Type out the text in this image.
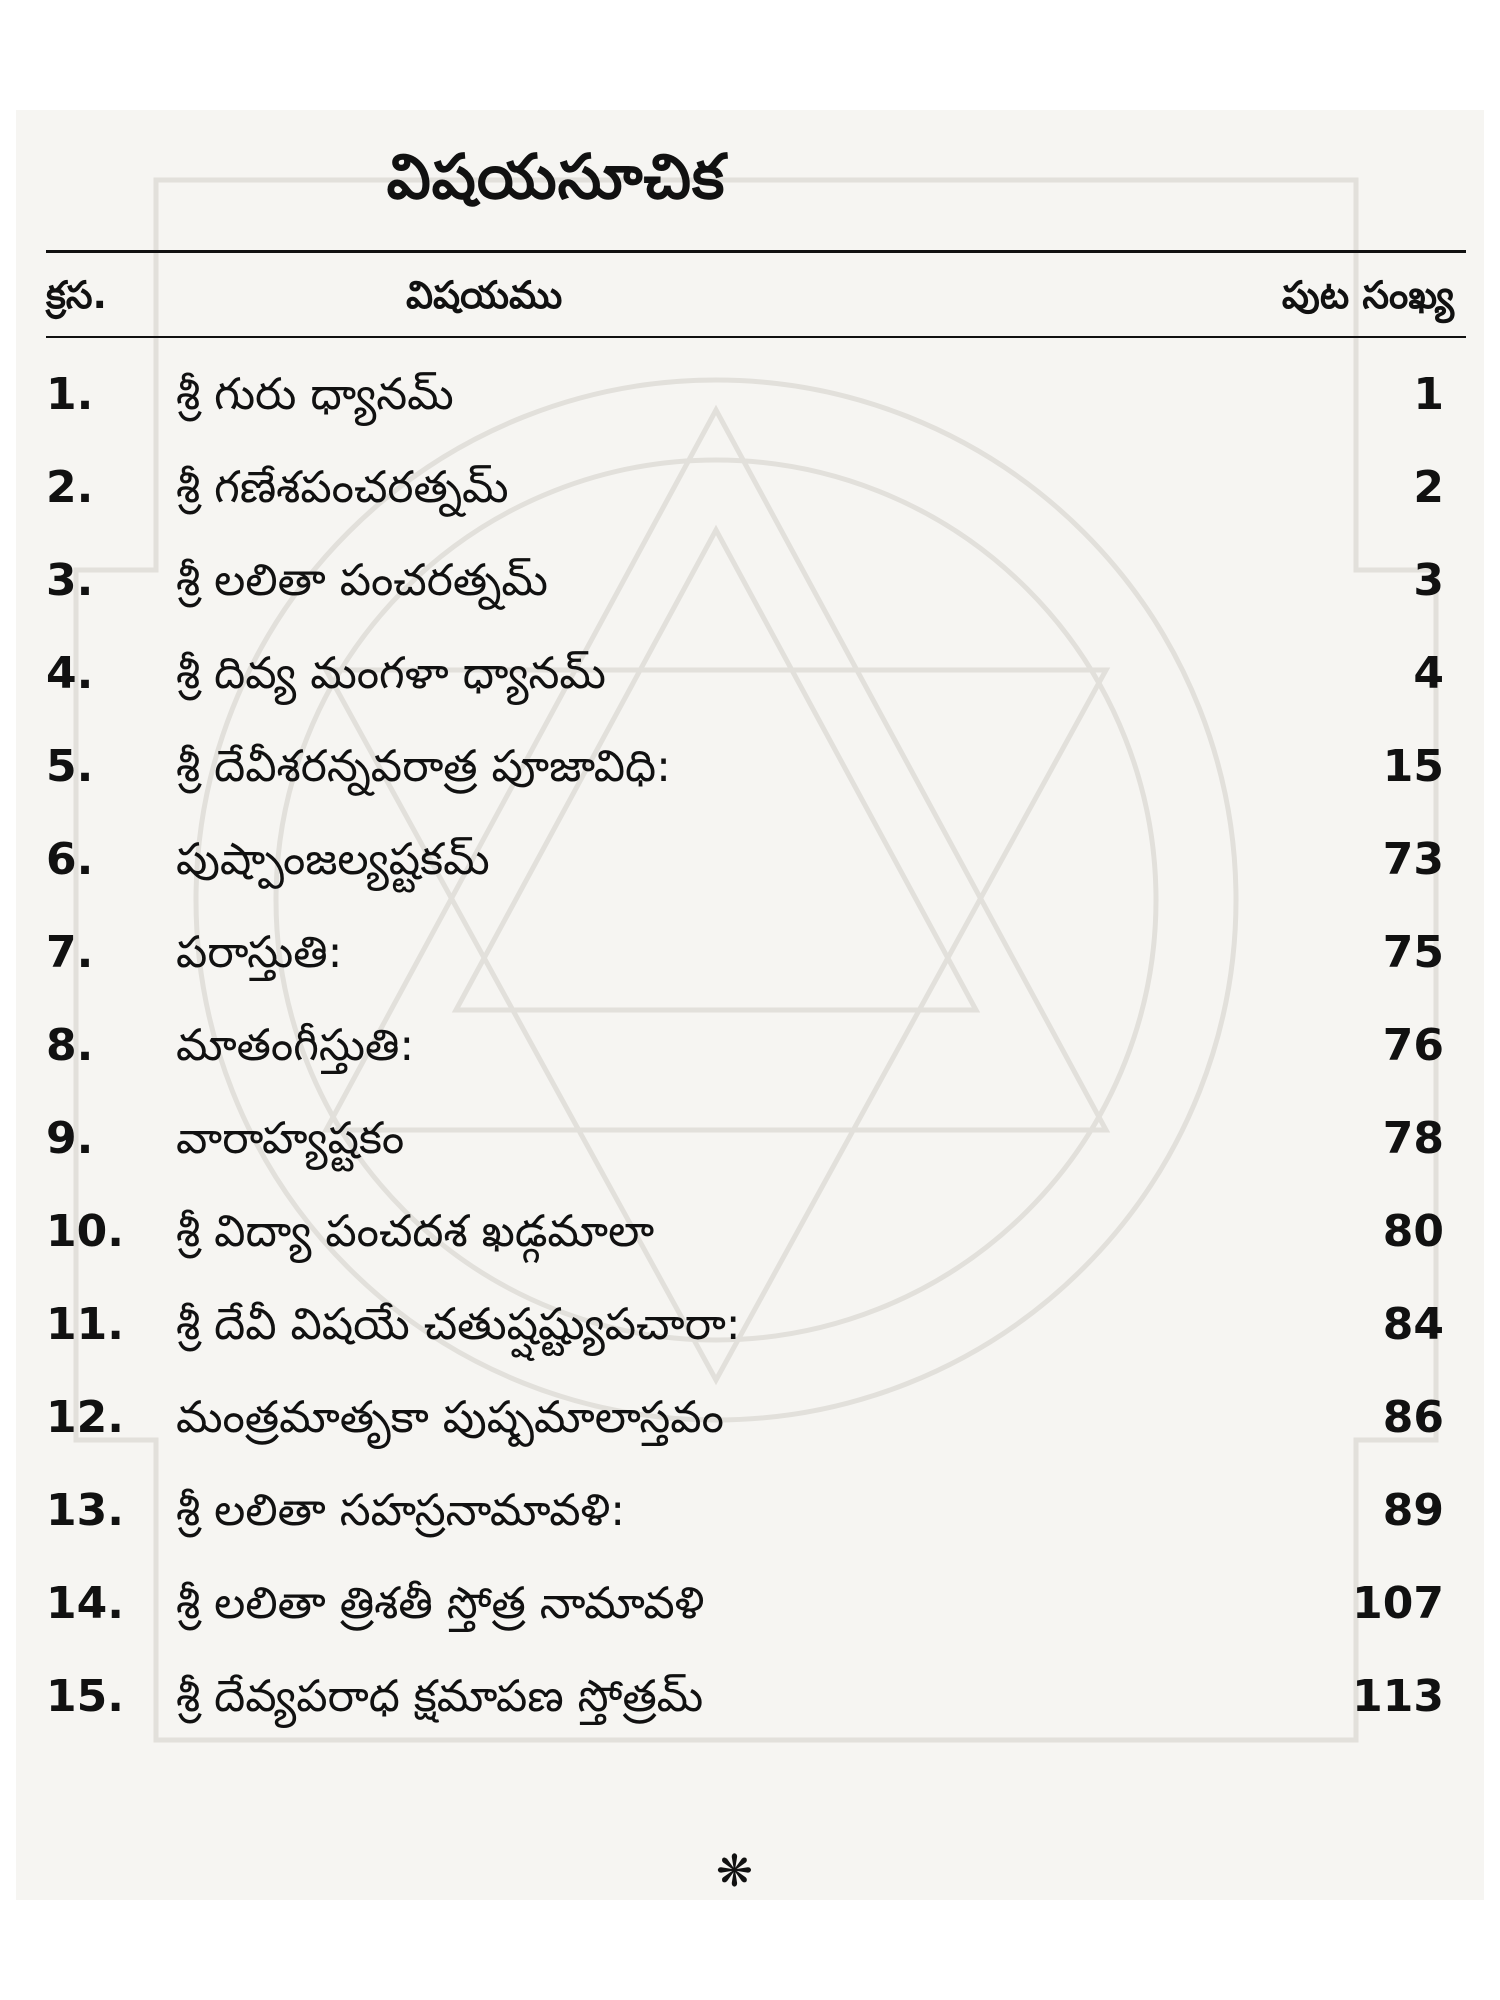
విషయసూచిక
క్రస.	విషయము	పుట సంఖ్య
1. శ్రీ గురు ధ్యానమ్	1
2. శ్రీ గణేశపంచరత్నమ్	2
3. శ్రీ లలితా పంచరత్నమ్	3
4. శ్రీ దివ్య మంగళా ధ్యానమ్	4
5. శ్రీ దేవీశరన్నవరాత్ర పూజావిధి:	15
6. పుష్పాంజల్యష్టకమ్	73
7. పరాస్తుతి:	75
8. మాతంగీస్తుతి:	76
9. వారాహ్యష్టకం	78
10. శ్రీ విద్యా పంచదశ ఖడ్గమాలా	80
11. శ్రీ దేవీ విషయే చతుష్షష్ట్యుపచారా:	84
12. మంత్రమాతృకా పుష్పమాలాస్తవం	86
13. శ్రీ లలితా సహస్రనామావళి:	89
14. శ్రీ లలితా త్రిశతీ స్తోత్ర నామావళి	107
15. శ్రీ దేవ్యపరాధ క్షమాపణ స్తోత్రమ్	113
❋
